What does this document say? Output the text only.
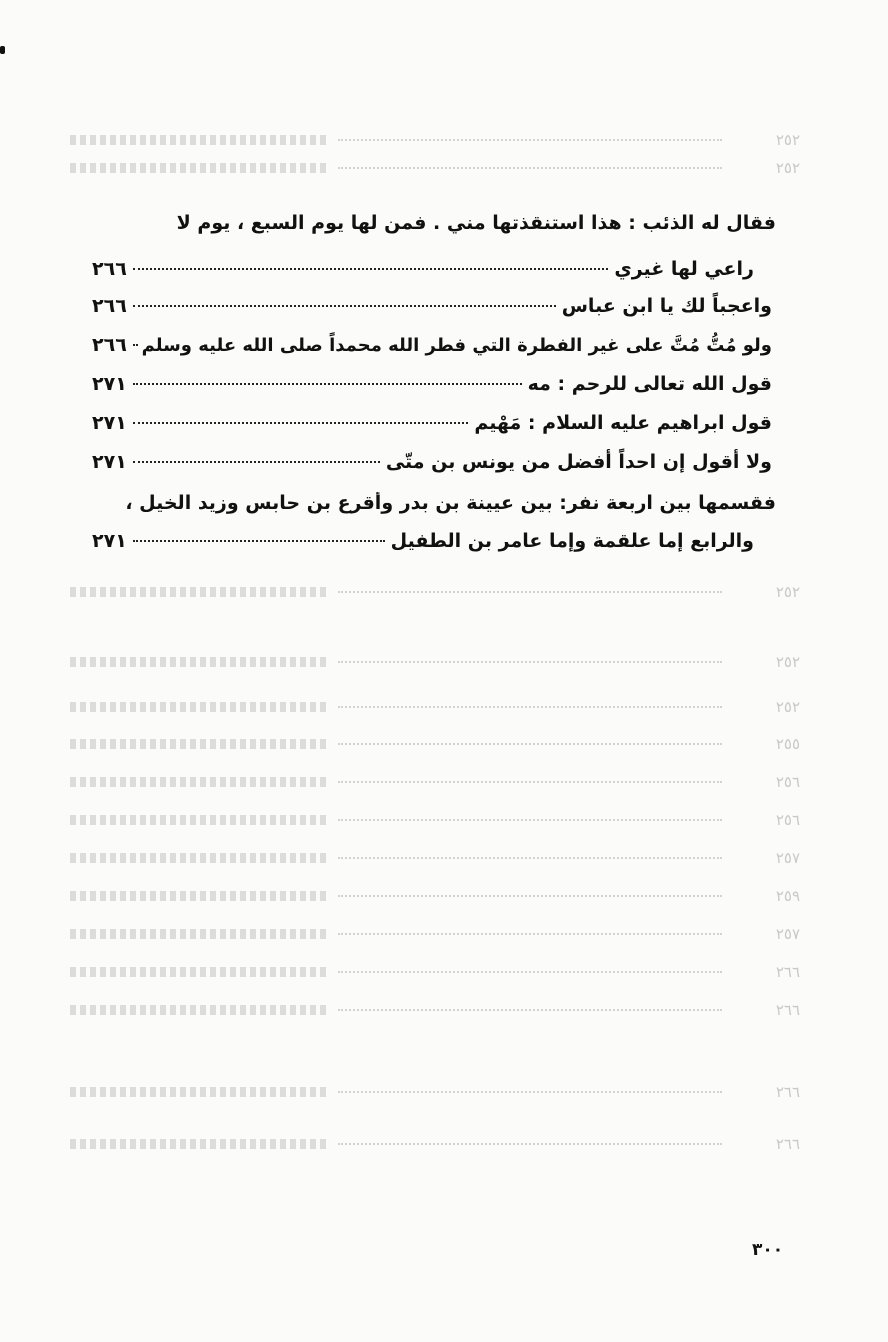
٢٥٢
٢٥٢
٢٥٢
٢٥٢
٢٥٢
٢٥٥
٢٥٦
٢٥٦
٢٥٧
٢٥٩
٢٥٧
٢٦٦
٢٦٦
٢٦٦
٢٦٦
فقال له الذئب : هذا استنقذتها مني . فمن لها يوم السبع ، يوم لا
راعي لها غيري
٢٦٦
واعجباً لك يا ابن عباس
٢٦٦
ولو مُتُّ مُتَّ على غير الفطرة التي فطر الله محمداً صلى الله عليه وسلم
٢٦٦
قول الله تعالى للرحم : مه
٢٧١
قول ابراهيم عليه السلام : مَهْيم
٢٧١
ولا أقول إن احداً أفضل من يونس بن متّى
٢٧١
فقسمها بين اربعة نفر: بين عيينة بن بدر وأقرع بن حابس وزيد الخيل ،
والرابع إما علقمة وإما عامر بن الطفيل
٢٧١
٣٠٠
